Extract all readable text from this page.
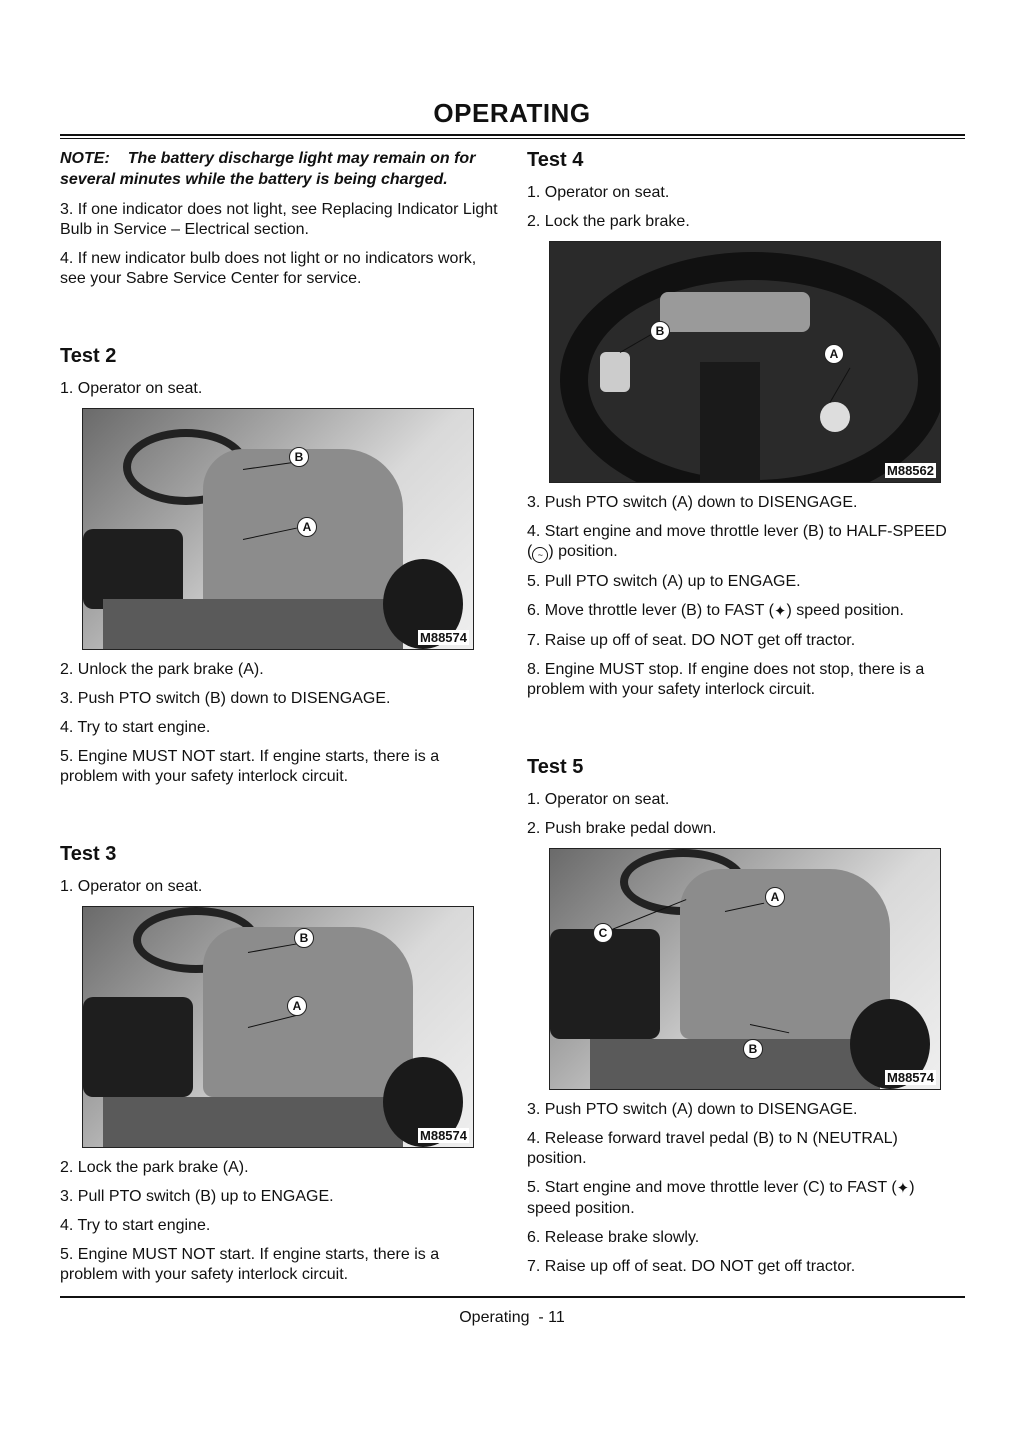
OPERATING
NOTE: The battery discharge light may remain on for several minutes while the battery is being charged.

3. If one indicator does not light, see Replacing Indicator Light Bulb in Service – Electrical section.

4. If new indicator bulb does not light or no indicators work, see your Sabre Service Center for service.

Test 2

1. Operator on seat.

B
A
M88574

2. Unlock the park brake (A).

3. Push PTO switch (B) down to DISENGAGE.

4. Try to start engine.

5. Engine MUST NOT start. If engine starts, there is a problem with your safety interlock circuit.

Test 3

1. Operator on seat.

B
A
M88574

2. Lock the park brake (A).

3. Pull PTO switch (B) up to ENGAGE.

4. Try to start engine.

5. Engine MUST NOT start. If engine starts, there is a problem with your safety interlock circuit.

Test 4

1. Operator on seat.

2. Lock the park brake.

B
A
M88562

3. Push PTO switch (A) down to DISENGAGE.

4. Start engine and move throttle lever (B) to HALF-SPEED ( ~ ) position.

5. Pull PTO switch (A) up to ENGAGE.

6. Move throttle lever (B) to FAST (✦) speed position.

7. Raise up off of seat. DO NOT get off tractor.

8. Engine MUST stop. If engine does not stop, there is a problem with your safety interlock circuit.

Test 5

1. Operator on seat.

2. Push brake pedal down.

A
C
B
M88574

3. Push PTO switch (A) down to DISENGAGE.

4. Release forward travel pedal (B) to N (NEUTRAL) position.

5. Start engine and move throttle lever (C) to FAST (✦) speed position.

6. Release brake slowly.

7. Raise up off of seat. DO NOT get off tractor.

Operating  - 11
